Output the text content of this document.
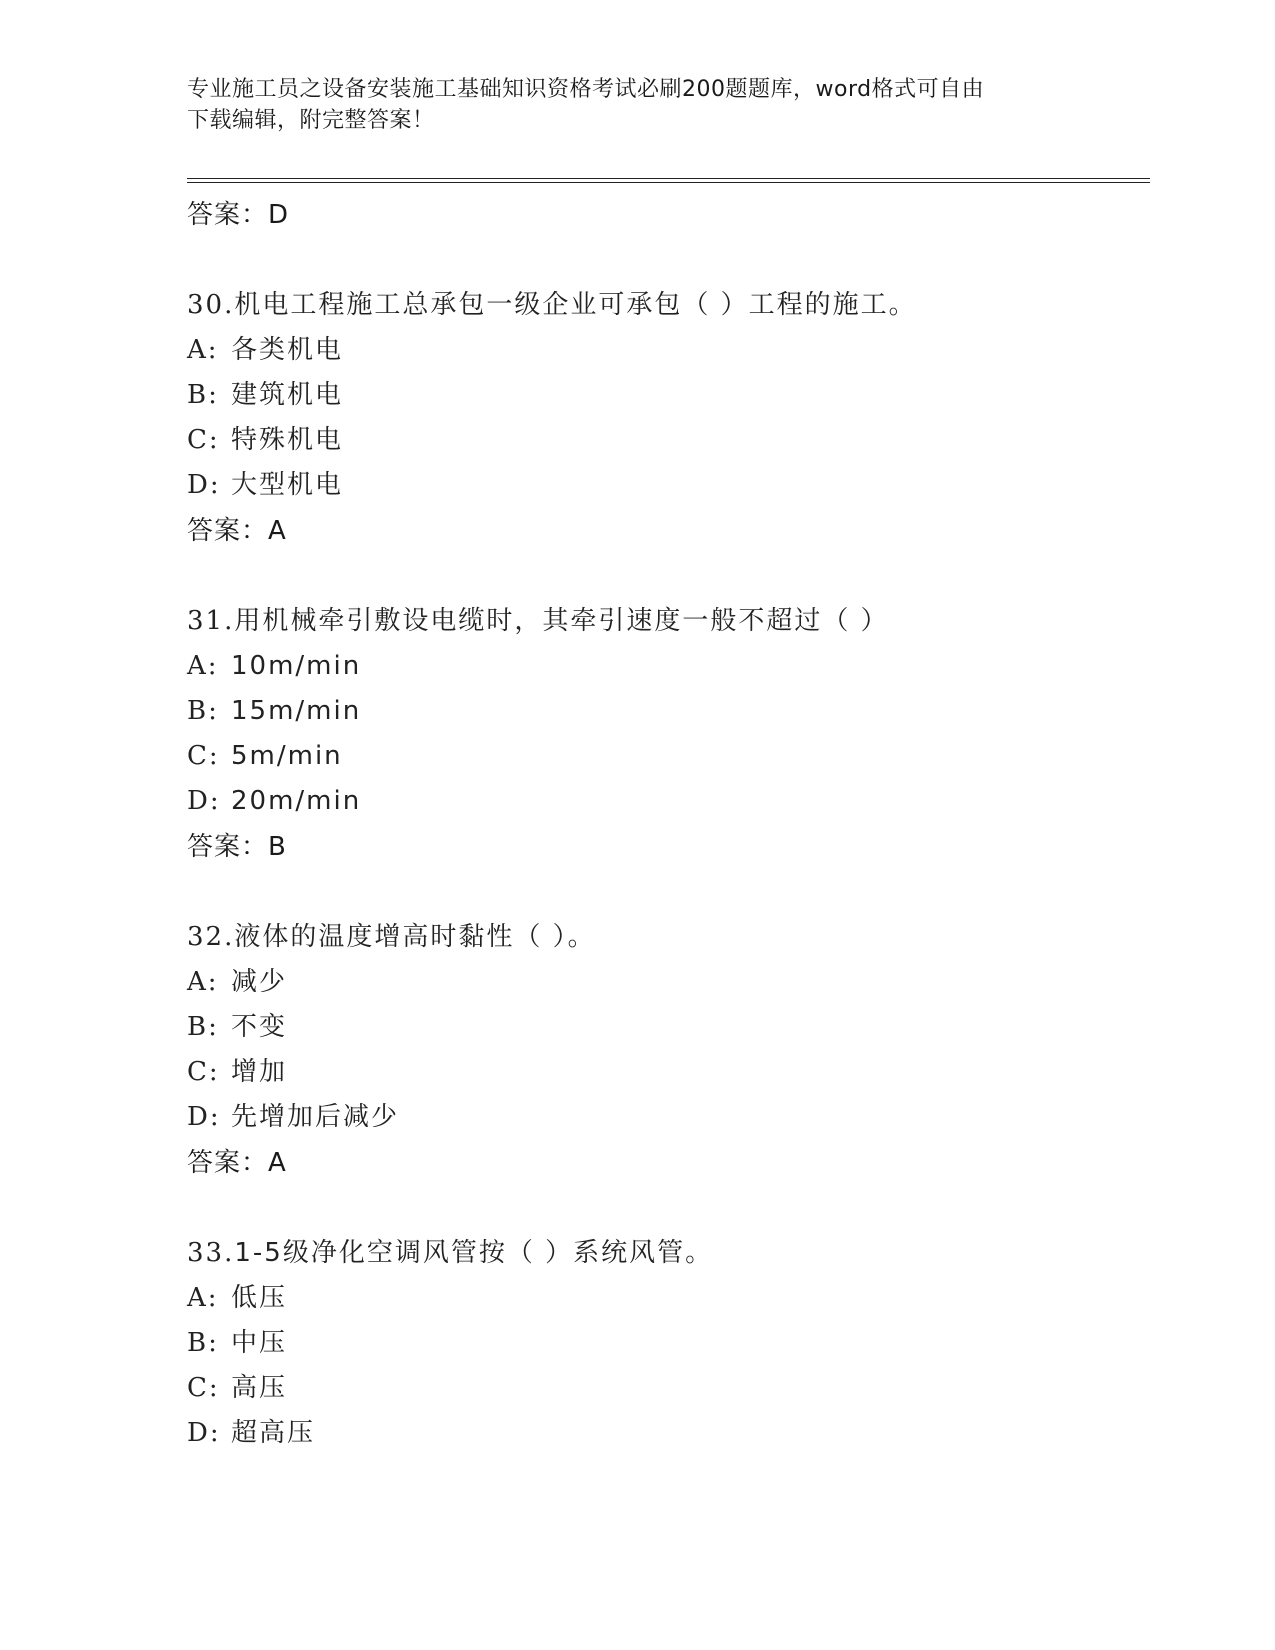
专业施工员之设备安装施工基础知识资格考试必刷200题题库，word格式可自由
下载编辑，附完整答案！
答案：D
30.机电工程施工总承包一级企业可承包（ ）工程的施工。
A: 各类机电
B: 建筑机电
C: 特殊机电
D: 大型机电
答案：A
31.用机械牵引敷设电缆时，其牵引速度一般不超过（ ）
A: 10m/min
B: 15m/min
C: 5m/min
D: 20m/min
答案：B
32.液体的温度增高时黏性（ ）。
A: 减少
B: 不变
C: 增加
D: 先增加后减少
答案：A
33.1-5级净化空调风管按（ ）系统风管。
A: 低压
B: 中压
C: 高压
D: 超高压
